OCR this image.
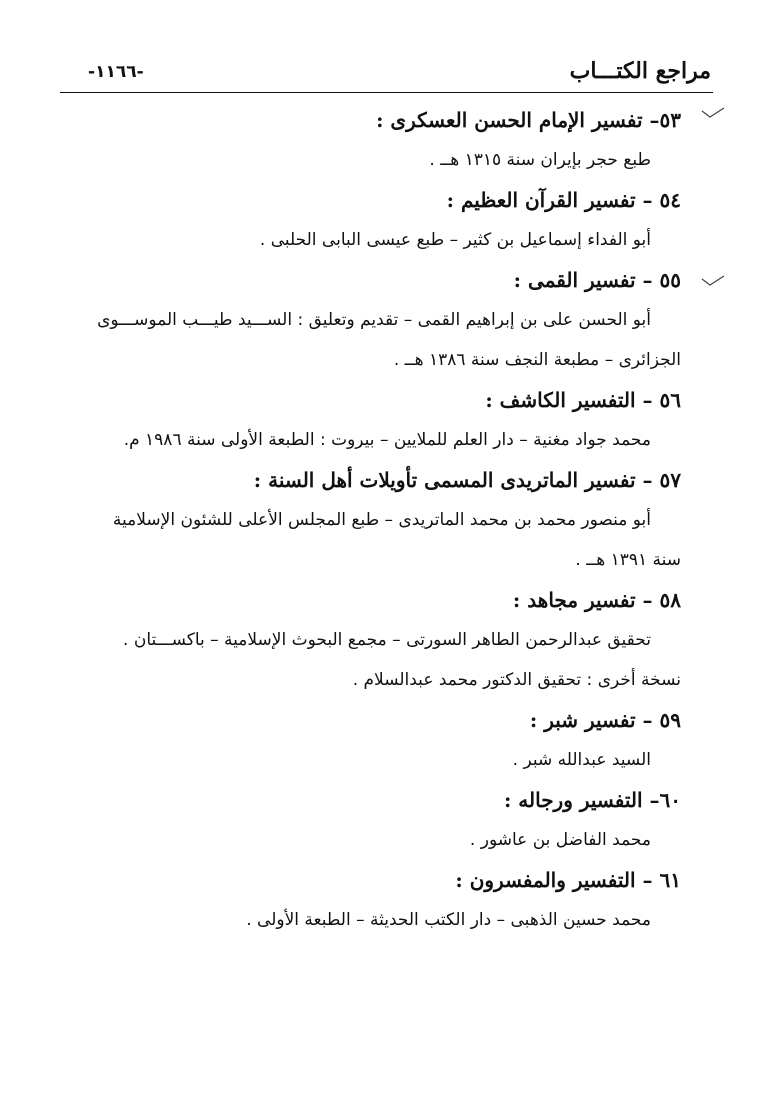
مراجع الكتـــاب
-١١٦٦-
٥٣– تفسير الإمام الحسن العسكرى :
طبع حجر بإيران سنة ١٣١٥ هــ .
٥٤ – تفسير القرآن العظيم :
أبو الفداء إسماعيل بن كثير – طبع عيسى البابى الحلبى .
٥٥ – تفسير القمى :
أبو الحسن على بن إبراهيم القمى – تقديم وتعليق : الســـيد طيـــب الموســـوى
الجزائرى – مطبعة النجف سنة ١٣٨٦ هــ .
٥٦ – التفسير الكاشف :
محمد جواد مغنية – دار العلم للملايين – بيروت : الطبعة الأولى سنة ١٩٨٦ م.
٥٧ – تفسير الماتريدى المسمى تأويلات أهل السنة :
أبو منصور محمد بن محمد الماتريدى – طبع المجلس الأعلى للشئون الإسلامية
سنة ١٣٩١ هــ .
٥٨ – تفسير مجاهد :
تحقيق عبدالرحمن الطاهر السورتى – مجمع البحوث الإسلامية – باكســـتان .
نسخة أخرى : تحقيق الدكتور محمد عبدالسلام .
٥٩ – تفسير شبر :
السيد عبدالله شبر .
٦٠– التفسير ورجاله :
محمد الفاضل بن عاشور .
٦١ – التفسير والمفسرون :
محمد حسين الذهبى – دار الكتب الحديثة – الطبعة الأولى .
